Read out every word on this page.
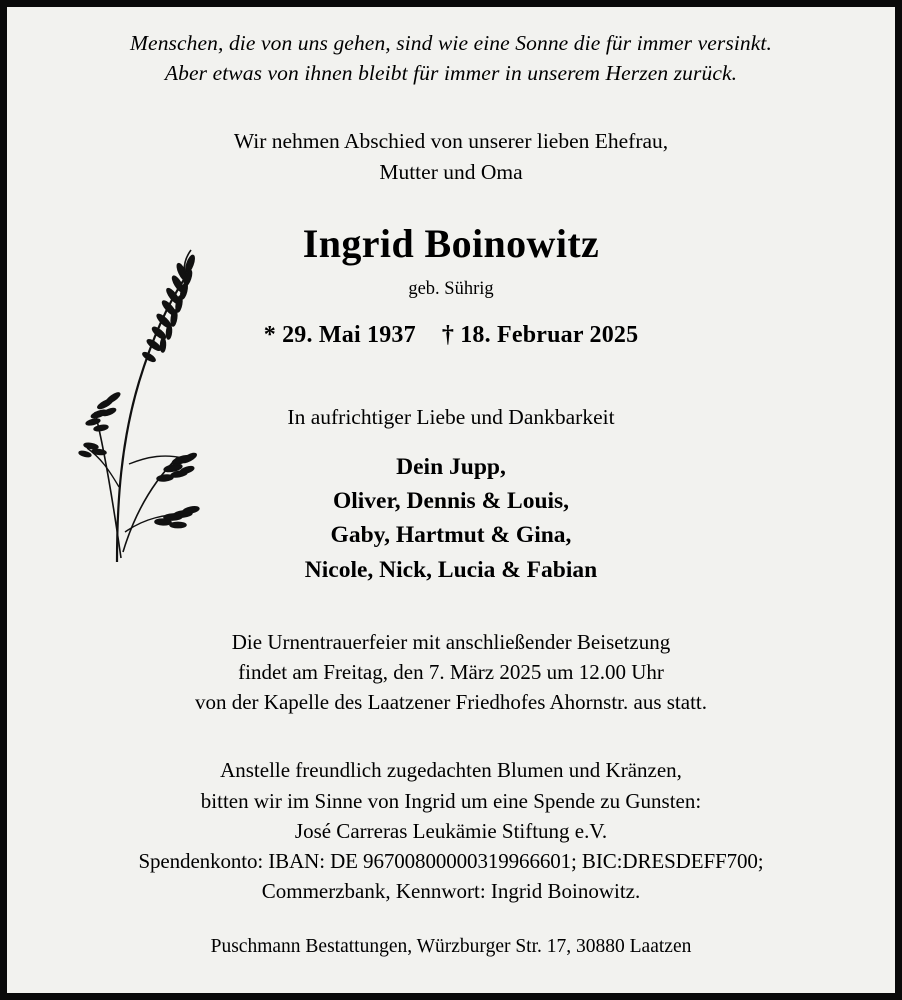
Menschen, die von uns gehen, sind wie eine Sonne die für immer versinkt.
Aber etwas von ihnen bleibt für immer in unserem Herzen zurück.
Wir nehmen Abschied von unserer lieben Ehefrau,
Mutter und Oma
Ingrid Boinowitz
geb. Sührig
* 29. Mai 1937 † 18. Februar 2025
In aufrichtiger Liebe und Dankbarkeit
Dein Jupp,
Oliver, Dennis & Louis,
Gaby, Hartmut & Gina,
Nicole, Nick, Lucia & Fabian
Die Urnentrauerfeier mit anschließender Beisetzung
findet am Freitag, den 7. März 2025 um 12.00 Uhr
von der Kapelle des Laatzener Friedhofes Ahornstr. aus statt.
Anstelle freundlich zugedachten Blumen und Kränzen,
bitten wir im Sinne von Ingrid um eine Spende zu Gunsten:
José Carreras Leukämie Stiftung e.V.
Spendenkonto: IBAN: DE 96700800000319966601; BIC:DRESDEFF700;
Commerzbank, Kennwort: Ingrid Boinowitz.
Puschmann Bestattungen, Würzburger Str. 17, 30880 Laatzen
